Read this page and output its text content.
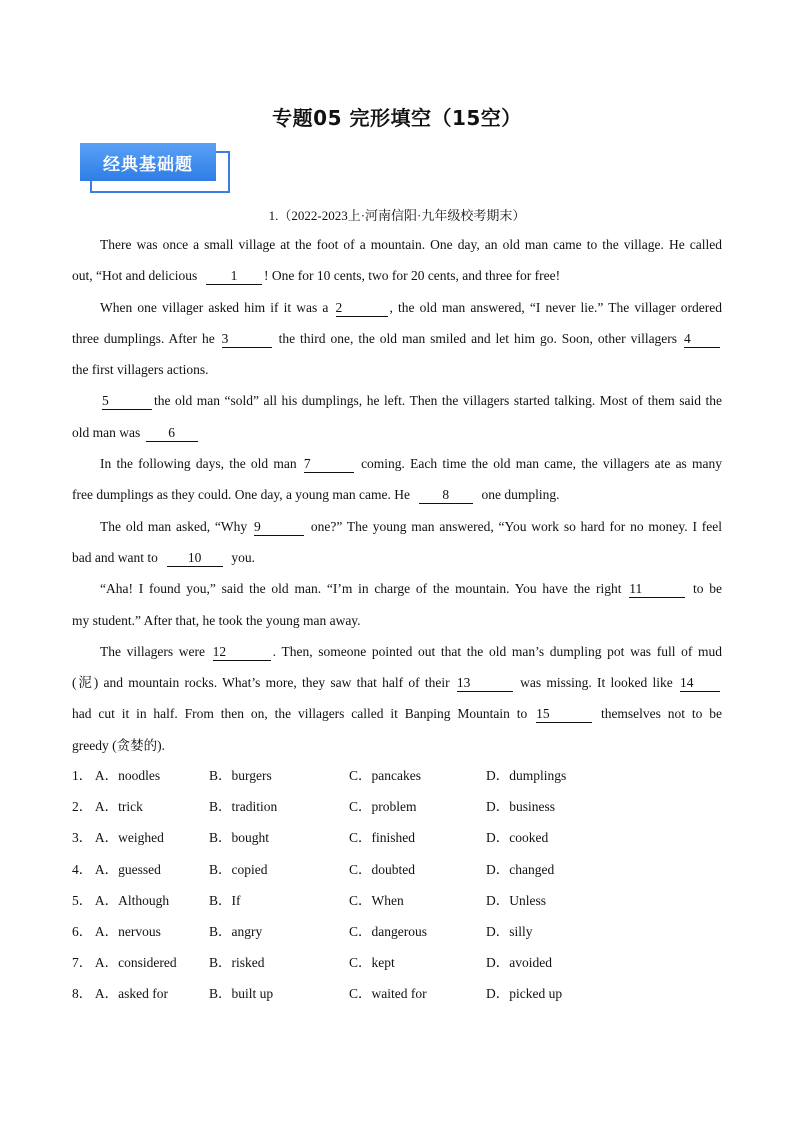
专题05 完形填空（15空）
经典基础题
1.（2022-2023上·河南信阳·九年级校考期末）
There was once a small village at the foot of a mountain. One day, an old man came to the village. He called
out, “Hot and delicious 1 ! One for 10 cents, two for 20 cents, and three for free!
When one villager asked him if it was a 2	, the old man answered, “I never lie.” The villager ordered
three dumplings. After he 3	the third one, the old man smiled and let him go. Soon, other villagers 4
the first villagers actions.
5	the old man “sold” all his dumplings, he left. Then the villagers started talking. Most of them said the
old man was 6
In the following days, the old man 7	coming. Each time the old man came, the villagers ate as many
free dumplings as they could. One day, a young man came. He 8 one dumpling.
The old man asked, “Why 9	one?” The young man answered, “You work so hard for no money. I feel
bad and want to 10 you.
“Aha! I found you,” said the old man. “I’m in charge of the mountain. You have the right 11	to be
my student.” After that, he took the young man away.
The villagers were 12	. Then, someone pointed out that the old man’s dumpling pot was full of mud
(泥) and mountain rocks. What’s more, they saw that half of their 13	was missing. It looked like 14
had cut it in half. From then on, the villagers called it Banping Mountain to 15	themselves not to be
greedy (贪婪的).
1． A．noodles	B．burgers	C．pancakes	D．dumplings
2． A．trick	B．tradition	C．problem	D．business
3． A．weighed	B．bought	C．finished	D．cooked
4． A．guessed	B．copied	C．doubted	D．changed
5． A．Although	B．If	C．When	D．Unless
6． A．nervous	B．angry	C．dangerous	D．silly
7． A．considered B．risked	C．kept	D．avoided
8． A．asked for	B．built up	C．waited for	D．picked up
